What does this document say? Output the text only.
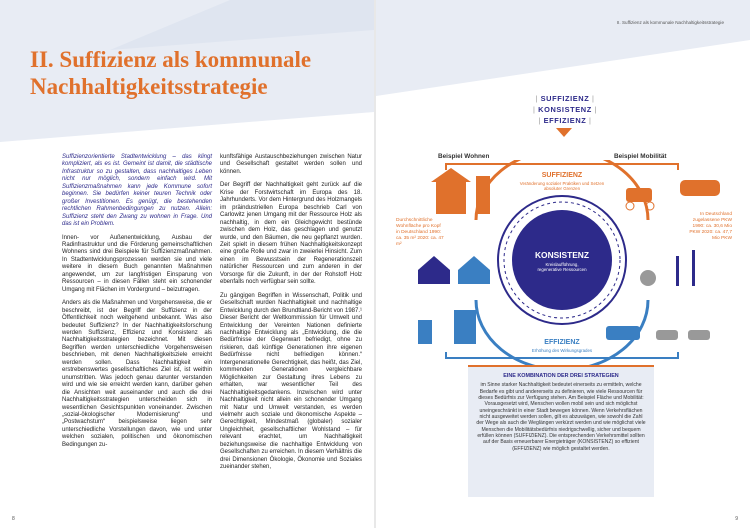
II. Suffizienz als kommunale
Nachhaltigkeitsstrategie

Suffizienzorientierte Stadtentwicklung – das klingt kompliziert, als es ist. Gemeint ist damit, die städtische Infrastruktur so zu gestalten, dass nachhaltiges Leben nicht nur möglich, sondern einfach wird. Mit Suffizienzmaßnahmen kann jede Kommune sofort beginnen. Sie bedürfen keiner teuren Technik oder großer Investitionen. Es genügt, die bestehenden rechtlichen Rahmenbedingungen zu nutzen. Allein: Suffizienz steht den Zwang zu wohnen in Frage. Und das ist ein Problem.

Innen- vor Außenentwicklung, Ausbau der Radinfrastruktur und die Förderung gemeinschaftlichen Wohnens sind drei Beispiele für Suffizienzmaßnahmen. In Stadtentwicklungsprozessen werden sie und viele weitere in diesem Buch genannten Maßnahmen angewendet, um zur langfristigen Einsparung von Ressourcen – in diesen Fällen steht ein schonender Umgang mit Flächen im Vordergrund – beizutragen.

Anders als die Maßnahmen und Vorgehensweise, die er beschreibt, ist der Begriff der Suffizienz in der Öffentlichkeit noch weitgehend unbekannt. Was also bedeutet Suffizienz? In der Nachhaltigkeitsforschung werden Suffizienz, Effizienz und Konsistenz als Nachhaltigkeitsstrategien bezeichnet. Mit diesen Begriffen werden unterschiedliche Vorgehensweisen beschrieben, mit denen Nachhaltigkeitsziele erreicht werden sollen. Dass Nachhaltigkeit ein erstrebenswertes gesellschaftliches Ziel ist, ist weithin unumstritten. Was jedoch genau darunter verstanden wird und wie sie erreicht werden kann, darüber gehen die Ansichten weit auseinander und auch die drei Nachhaltigkeitsstrategien unterscheiden sich in wesentlichen Gesichtspunkten voneinander. Zwischen „sozial-ökologischer Modernisierung“ und „Postwachstum“ beispielsweise liegen sehr unterschiedliche Vorstellungen davon, wie und unter welchen sozialen, politischen und ökonomischen Bedingungen zu-

kunftsfähige Austauschbeziehungen zwischen Natur und Gesellschaft gestaltet werden sollen und können.

Der Begriff der Nachhaltigkeit geht zurück auf die Krise der Forstwirtschaft im Europa des 18. Jahrhunderts. Vor dem Hintergrund des Holzmangels im präindustriellen Europa beschrieb Carl von Carlowitz jenen Umgang mit der Ressource Holz als nachhaltig, in dem ein Gleichgewicht bestünde zwischen dem Holz, das geschlagen und genutzt wurde, und den Bäumen, die neu gepflanzt wurden. Zeit spielt in diesem frühen Nachhaltigkeitskonzept eine große Rolle und zwar in zweierlei Hinsicht. Zum einen im Bewusstsein der Regenerationszeit natürlicher Ressourcen und zum anderen in der Vorsorge für die Zukunft, in der der Rohstoff Holz ebenfalls noch verfügbar sein sollte.

Zu gängigen Begriffen in Wissenschaft, Politik und Gesellschaft wurden Nachhaltigkeit und nachhaltige Entwicklung durch den Brundtland-Bericht von 1987.¹ Dieser Bericht der Weltkommission für Umwelt und Entwicklung der Vereinten Nationen definierte nachhaltige Entwicklung als „Entwicklung, die die Bedürfnisse der Gegenwart befriedigt, ohne zu riskieren, daß künftige Generationen ihre eigenen Bedürfnisse nicht befriedigen können.“ Intergenerationelle Gerechtigkeit, das heißt, das Ziel, kommenden Generationen vergleichbare Möglichkeiten zur Gestaltung ihres Lebens zu erhalten, war wesentlicher Teil des Nachhaltigkeitsgedankens. Inzwischen wird unter Nachhaltigkeit nicht allein ein schonender Umgang mit Natur und Umwelt verstanden, es werden vielmehr auch soziale und ökonomische Aspekte – Gerechtigkeit, Mindestmaß (globaler) sozialer Ungleichheit, gesellschaftlicher Wohlstand – für relevant erachtet, um Nachhaltigkeit beziehungsweise die nachhaltige Entwicklung von Gesellschaften zu erreichen. In diesem Verhältnis die drei Dimensionen Ökologie, Ökonomie und Soziales zueinander stehen,

8
II. Suffizienz als kommunale Nachhaltigkeitsstrategie
| SUFFIZIENZ |
| KONSISTENZ |
| EFFIZIENZ |
Beispiel Wohnen	Beispiel Mobilität
SUFFIZIENZ
Veränderung sozialer Praktiken und Setzen absoluter Grenzen
KONSISTENZ
Kreislaufführung, regenerative Ressourcen
EFFIZIENZ
Erhöhung des Wirkungsgrades
Durchschnittliche Wohnfläche pro Kopf in Deutschland 1990: ca. 35 m² 2020: ca. 47 m²
In Deutschland zugelassene PKW 1990: ca. 30,6 Mio PKW 2020: ca. 47,7 Mio PKW
EINE KOMBINATION DER DREI STRATEGIEN
im Sinne starker Nachhaltigkeit bedeutet einerseits zu ermitteln, welche Bedarfe es gibt und andererseits zu definieren, wie viele Ressourcen für dieses Bedürfnis zur Verfügung stehen. Am Beispiel Fläche und Mobilität: Vorausgesetzt wird, Menschen wollen mobil sein und sich möglichst uneingeschränkt in einer Stadt bewegen können. Wenn Verkehrsflächen nicht ausgeweitet werden sollen, gilt es abzuwägen, wie sowohl die Zahl der Wege als auch die Weglängen verkürzt werden und wie möglichst viele Menschen die Mobilitätsbedürfnis niedrigschwellig, sicher und bequem erfüllen können (SUFFIZIENZ). Die entsprechenden Verkehrsmittel sollten auf der Basis erneuerbarer Energieträger (KONSISTENZ) so effizient (EFFIZIENZ) wie möglich gestaltet werden.
9
